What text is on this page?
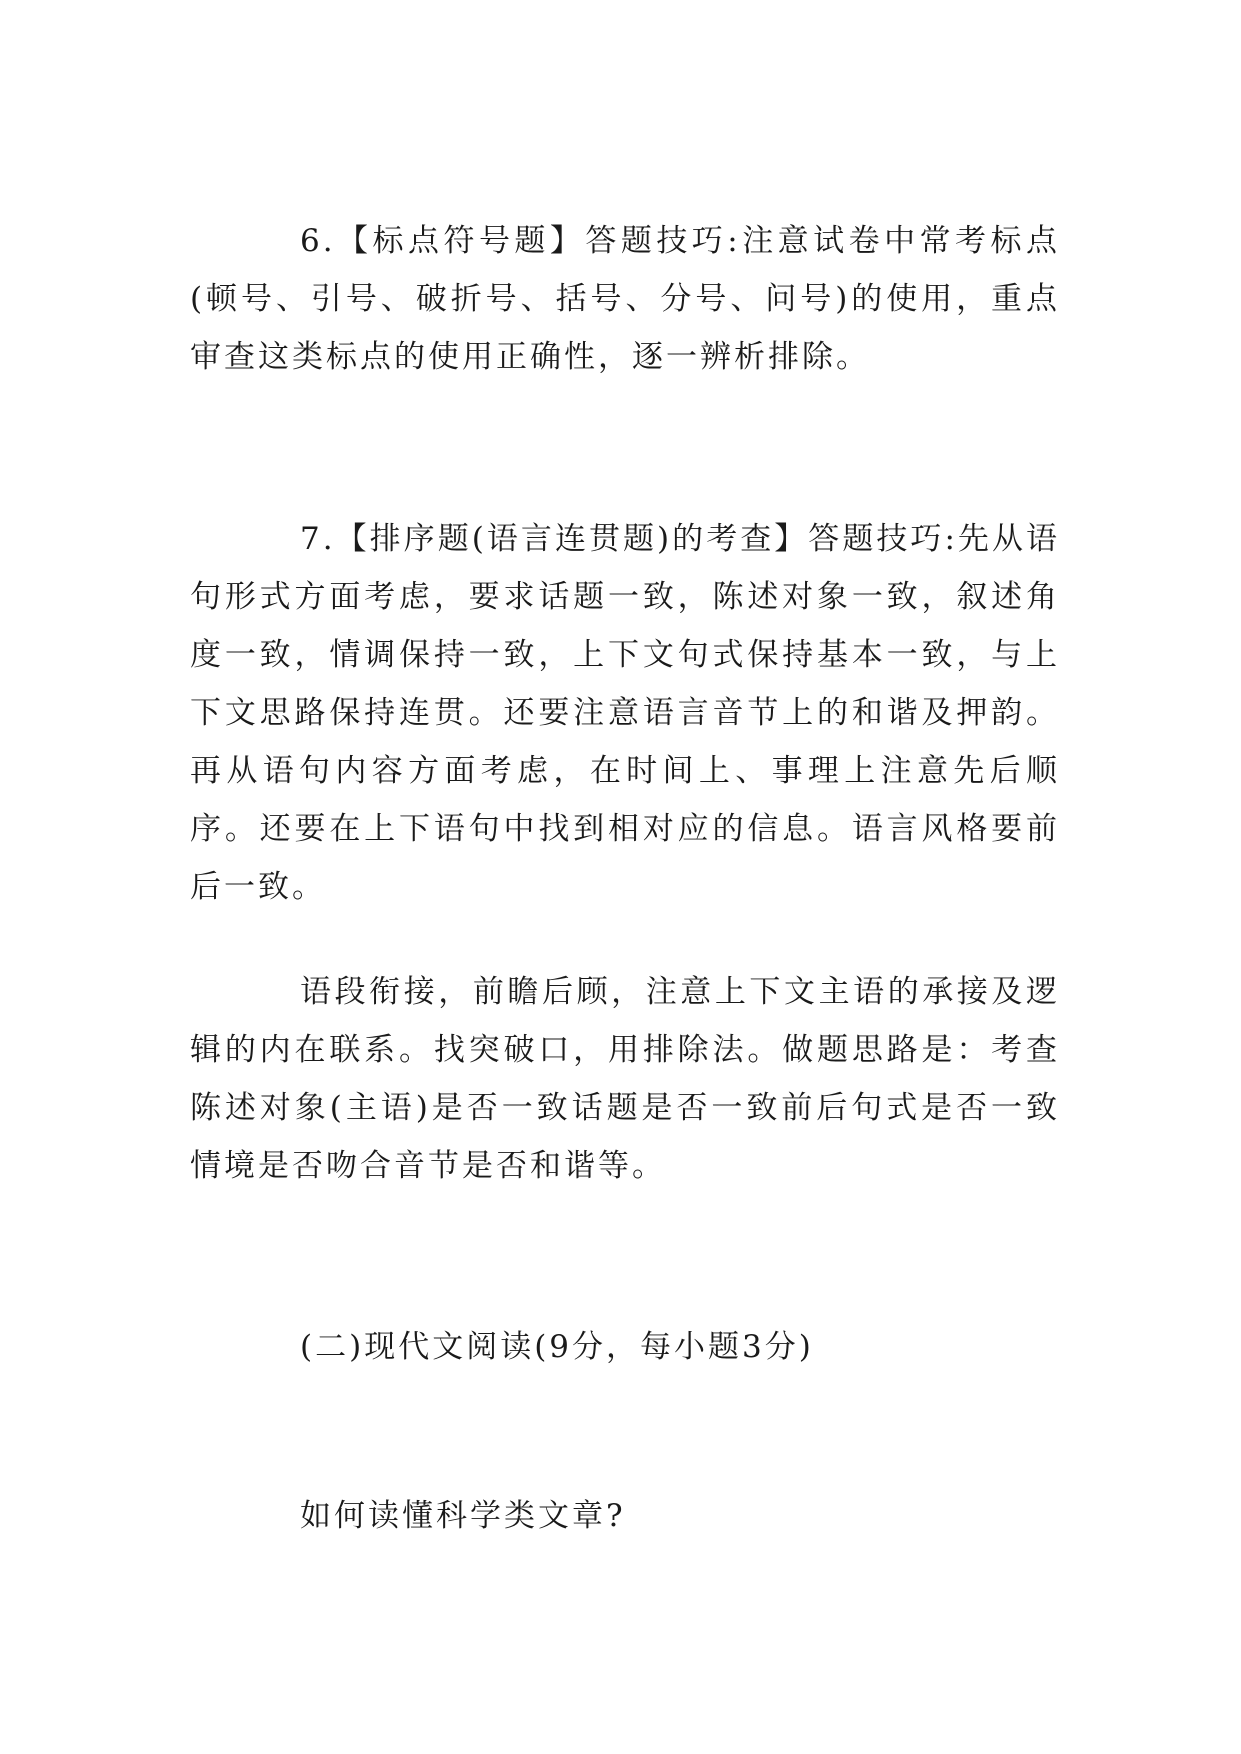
6.【标点符号题】答题技巧:注意试卷中常考标点(顿号、引号、破折号、括号、分号、问号)的使用，重点审查这类标点的使用正确性，逐一辨析排除。

7.【排序题(语言连贯题)的考查】答题技巧:先从语句形式方面考虑，要求话题一致，陈述对象一致，叙述角度一致，情调保持一致，上下文句式保持基本一致，与上下文思路保持连贯。还要注意语言音节上的和谐及押韵。再从语句内容方面考虑，在时间上、事理上注意先后顺序。还要在上下语句中找到相对应的信息。语言风格要前后一致。

语段衔接，前瞻后顾，注意上下文主语的承接及逻辑的内在联系。找突破口，用排除法。做题思路是：考查陈述对象(主语)是否一致话题是否一致前后句式是否一致情境是否吻合音节是否和谐等。

(二)现代文阅读(9分，每小题3分)

如何读懂科学类文章?
